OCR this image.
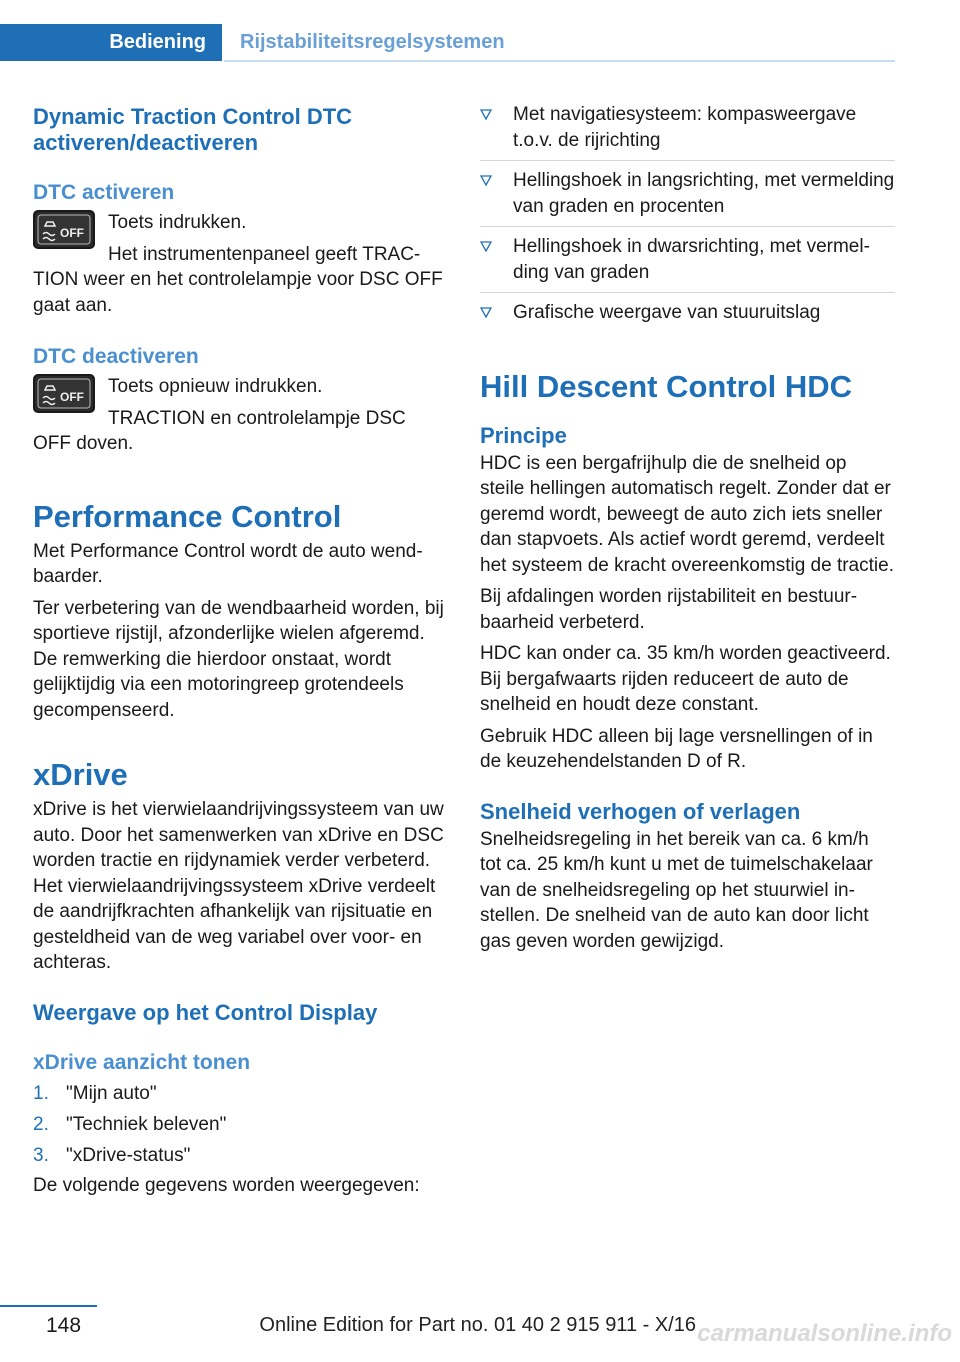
Bediening	Rijstabiliteitsregelsystemen
Dynamic Traction Control DTC activeren/deactiveren
DTC activeren
OFF	Toets indrukken.

Het instrumentenpaneel geeft TRAC-

TION weer en het controlelampje voor DSC OFF gaat aan.

DTC deactiveren
OFF	Toets opnieuw indrukken.

TRACTION en controlelampje DSC

OFF doven.

Performance Control

Met Performance Control wordt de auto wendbaarder.

Ter verbetering van de wendbaarheid worden, bij sportieve rijstijl, afzonderlijke wielen afgeremd. De remwerking die hierdoor onstaat, wordt gelijktijdig via een motoringreep grotendeels gecompenseerd.

xDrive

xDrive is het vierwielaandrijvingssysteem van uw auto. Door het samenwerken van xDrive en DSC worden tractie en rijdynamiek verder verbeterd. Het vierwielaandrijvingssysteem xDrive verdeelt de aandrijfkrachten afhankelijk van rijsituatie en gesteldheid van de weg variabel over voor- en achteras.

Weergave op het Control Display
xDrive aanzicht tonen
1. "Mijn auto"
2. "Techniek beleven"
3. "xDrive-status"

De volgende gegevens worden weergegeven:

Met navigatiesysteem: kompasweergave t.o.v. de rijrichting
Hellingshoek in langsrichting, met vermelding van graden en procenten
Hellingshoek in dwarsrichting, met vermelding van graden
Grafische weergave van stuuruitslag
Hill Descent Control HDC
Principe

HDC is een bergafrijhulp die de snelheid op steile hellingen automatisch regelt. Zonder dat er geremd wordt, beweegt de auto zich iets sneller dan stapvoets. Als actief wordt geremd, verdeelt het systeem de kracht overeenkomstig de tractie.

Bij afdalingen worden rijstabiliteit en bestuurbaarheid verbeterd.

HDC kan onder ca. 35 km/h worden geactiveerd. Bij bergafwaarts rijden reduceert de auto de snelheid en houdt deze constant.

Gebruik HDC alleen bij lage versnellingen of in de keuzehendelstanden D of R.

Snelheid verhogen of verlagen

Snelheidsregeling in het bereik van ca. 6 km/h tot ca. 25 km/h kunt u met de tuimelschakelaar van de snelheidsregeling op het stuurwiel instellen. De snelheid van de auto kan door licht gas geven worden gewijzigd.

148	Online Edition for Part no. 01 40 2 915 911 - X/16 carmanualsonline.info
